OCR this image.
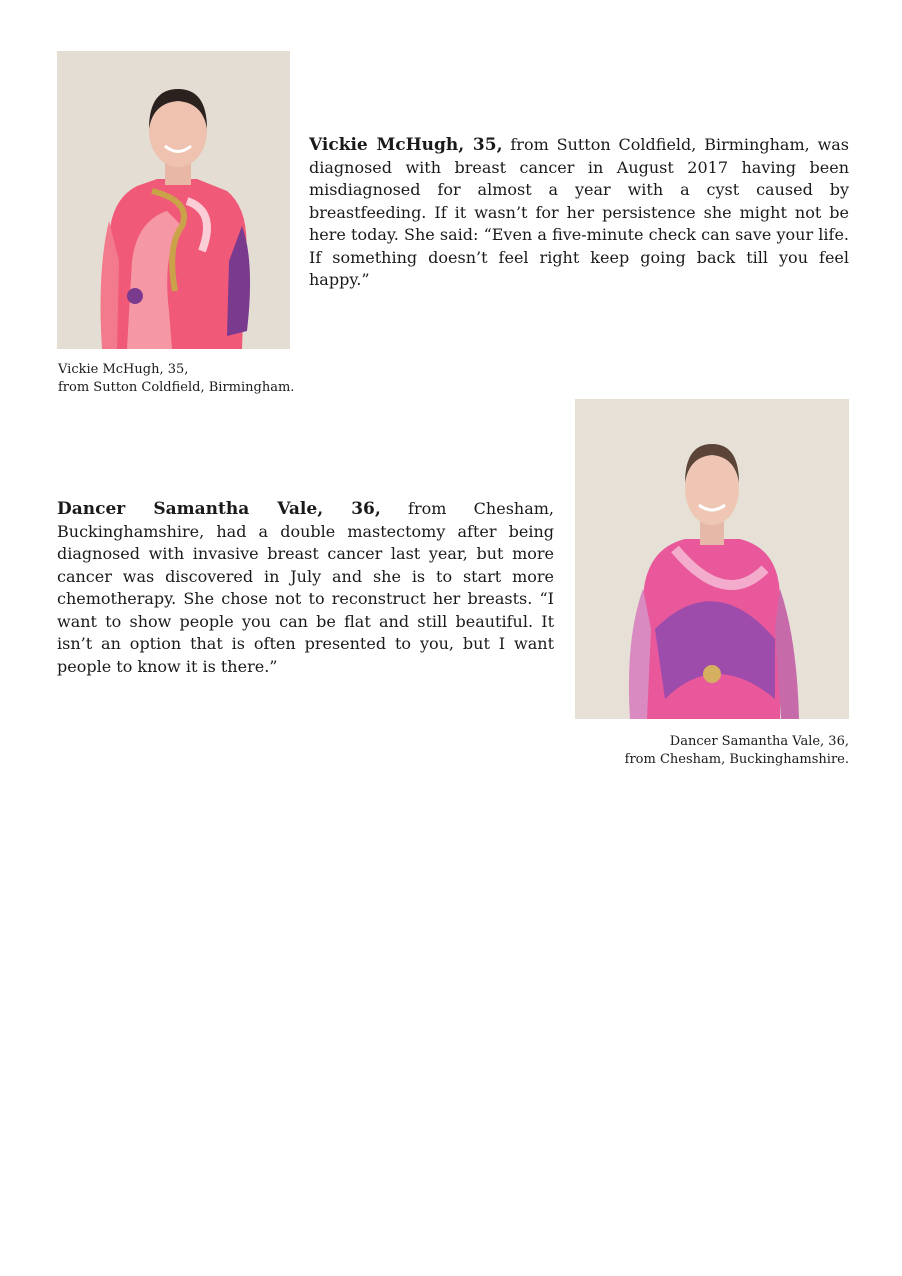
Vickie McHugh, 35, from Sutton Coldfield, Birmingham, was diagnosed with breast cancer in August 2017 having been misdiagnosed for almost a year with a cyst caused by breastfeeding. If it wasn’t for her persistence she might not be here today. She said: “Even a five-minute check can save your life. If something doesn’t feel right keep going back till you feel happy.”
Vickie McHugh, 35,
from Sutton Coldfield, Birmingham.
Dancer Samantha Vale, 36, from Chesham, Buckinghamshire, had a double mastectomy after being diagnosed with invasive breast cancer last year, but more cancer was discovered in July and she is to start more chemotherapy. She chose not to reconstruct her breasts. “I want to show people you can be flat and still beautiful. It isn’t an option that is often presented to you, but I want people to know it is there.”
Dancer Samantha Vale, 36,
from Chesham, Buckinghamshire.
